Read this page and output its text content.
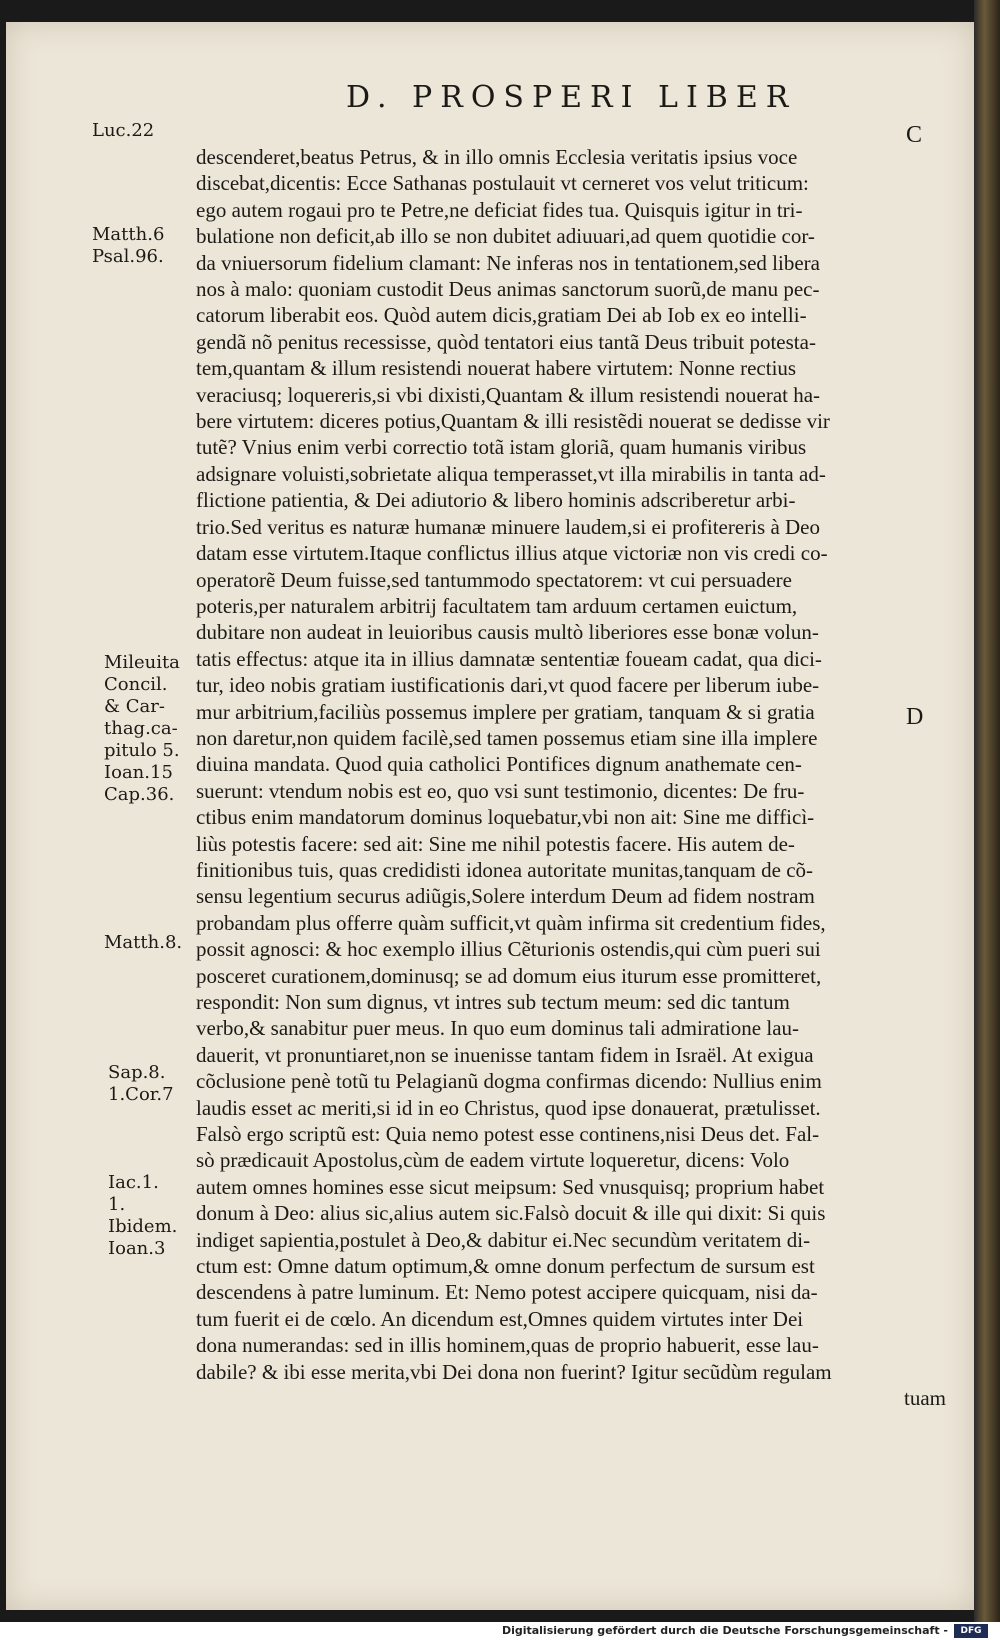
D. PROSPERI LIBER
C
D
Luc.22
Matth.6
Psal.96.
Mileuita
Concil.
& Car-
thag.ca-
pitulo 5.
Ioan.15
Cap.36.
Matth.8.
Sap.8.
1.Cor.7
Iac.1.
1.
Ibidem.
Ioan.3
descenderet,beatus Petrus, & in illo omnis Ecclesia veritatis ipsius voce
discebat,dicentis: Ecce Sathanas postulauit vt cerneret vos velut triticum:
ego autem rogaui pro te Petre,ne deficiat fides tua. Quisquis igitur in tri-
bulatione non deficit,ab illo se non dubitet adiuuari,ad quem quotidie cor-
da vniuersorum fidelium clamant: Ne inferas nos in tentationem,sed libera
nos à malo: quoniam custodit Deus animas sanctorum suorũ,de manu pec-
catorum liberabit eos. Quòd autem dicis,gratiam Dei ab Iob ex eo intelli-
gendã nõ penitus recessisse, quòd tentatori eius tantã Deus tribuit potesta-
tem,quantam & illum resistendi nouerat habere virtutem: Nonne rectius
veraciusq; loquereris,si vbi dixisti,Quantam & illum resistendi nouerat ha-
bere virtutem: diceres potius,Quantam & illi resistẽdi nouerat se dedisse vir
tutẽ? Vnius enim verbi correctio totã istam gloriã, quam humanis viribus
adsignare voluisti,sobrietate aliqua temperasset,vt illa mirabilis in tanta ad-
flictione patientia, & Dei adiutorio & libero hominis adscriberetur arbi-
trio.Sed veritus es naturæ humanæ minuere laudem,si ei profitereris à Deo
datam esse virtutem.Itaque conflictus illius atque victoriæ non vis credi co-
operatorẽ Deum fuisse,sed tantummodo spectatorem: vt cui persuadere
poteris,per naturalem arbitrij facultatem tam arduum certamen euictum,
dubitare non audeat in leuioribus causis multò liberiores esse bonæ volun-
tatis effectus: atque ita in illius damnatæ sententiæ foueam cadat, qua dici-
tur, ideo nobis gratiam iustificationis dari,vt quod facere per liberum iube-
mur arbitrium,faciliùs possemus implere per gratiam, tanquam & si gratia
non daretur,non quidem facilè,sed tamen possemus etiam sine illa implere
diuina mandata. Quod quia catholici Pontifices dignum anathemate cen-
suerunt: vtendum nobis est eo, quo vsi sunt testimonio, dicentes: De fru-
ctibus enim mandatorum dominus loquebatur,vbi non ait: Sine me difficì-
liùs potestis facere: sed ait: Sine me nihil potestis facere. His autem de-
finitionibus tuis, quas credidisti idonea autoritate munitas,tanquam de cõ-
sensu legentium securus adiũgis,Solere interdum Deum ad fidem nostram
probandam plus offerre quàm sufficit,vt quàm infirma sit credentium fides,
possit agnosci: & hoc exemplo illius Cẽturionis ostendis,qui cùm pueri sui
posceret curationem,dominusq; se ad domum eius iturum esse promitteret,
respondit: Non sum dignus, vt intres sub tectum meum: sed dic tantum
verbo,& sanabitur puer meus. In quo eum dominus tali admiratione lau-
dauerit, vt pronuntiaret,non se inuenisse tantam fidem in Israël. At exigua
cõclusione penè totũ tu Pelagianũ dogma confirmas dicendo: Nullius enim
laudis esset ac meriti,si id in eo Christus, quod ipse donauerat, prætulisset.
Falsò ergo scriptũ est: Quia nemo potest esse continens,nisi Deus det. Fal-
sò prædicauit Apostolus,cùm de eadem virtute loqueretur, dicens: Volo
autem omnes homines esse sicut meipsum: Sed vnusquisq; proprium habet
donum à Deo: alius sic,alius autem sic.Falsò docuit & ille qui dixit: Si quis
indiget sapientia,postulet à Deo,& dabitur ei.Nec secundùm veritatem di-
ctum est: Omne datum optimum,& omne donum perfectum de sursum est
descendens à patre luminum. Et: Nemo potest accipere quicquam, nisi da-
tum fuerit ei de cœlo. An dicendum est,Omnes quidem virtutes inter Dei
dona numerandas: sed in illis hominem,quas de proprio habuerit, esse lau-
dabile? & ibi esse merita,vbi Dei dona non fuerint? Igitur secũdùm regulam
tuam
Digitalisierung gefördert durch die Deutsche Forschungsgemeinschaft -	DFG
